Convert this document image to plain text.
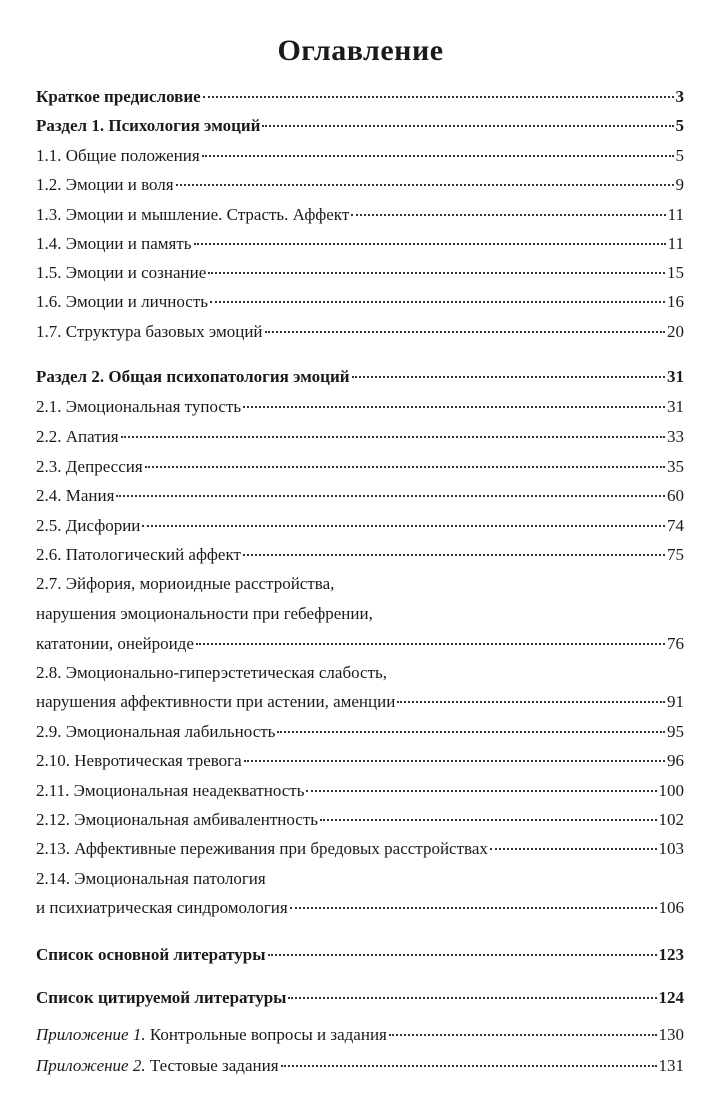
Оглавление
Краткое предисловие	3
Раздел 1. Психология эмоций	5
1.1. Общие положения	5
1.2. Эмоции и воля	9
1.3. Эмоции и мышление. Страсть. Аффект	11
1.4. Эмоции и память	11
1.5. Эмоции и сознание	15
1.6. Эмоции и личность	16
1.7. Структура базовых эмоций	20
Раздел 2. Общая психопатология эмоций	31
2.1. Эмоциональная тупость	31
2.2. Апатия	33
2.3. Депрессия	35
2.4. Мания	60
2.5. Дисфории	74
2.6. Патологический аффект	75
2.7. Эйфория, мориоидные расстройства,
нарушения эмоциональности при гебефрении,
кататонии, онейроиде	76
2.8. Эмоционально-гиперэстетическая слабость,
нарушения аффективности при астении, аменции	91
2.9. Эмоциональная лабильность	95
2.10. Невротическая тревога	96
2.11. Эмоциональная неадекватность	100
2.12. Эмоциональная амбивалентность	102
2.13. Аффективные переживания при бредовых расстройствах	103
2.14. Эмоциональная патология
и психиатрическая синдромология	106
Список основной литературы	123
Список цитируемой литературы	124
Приложение 1. Контрольные вопросы и задания	130
Приложение 2. Тестовые задания	131
